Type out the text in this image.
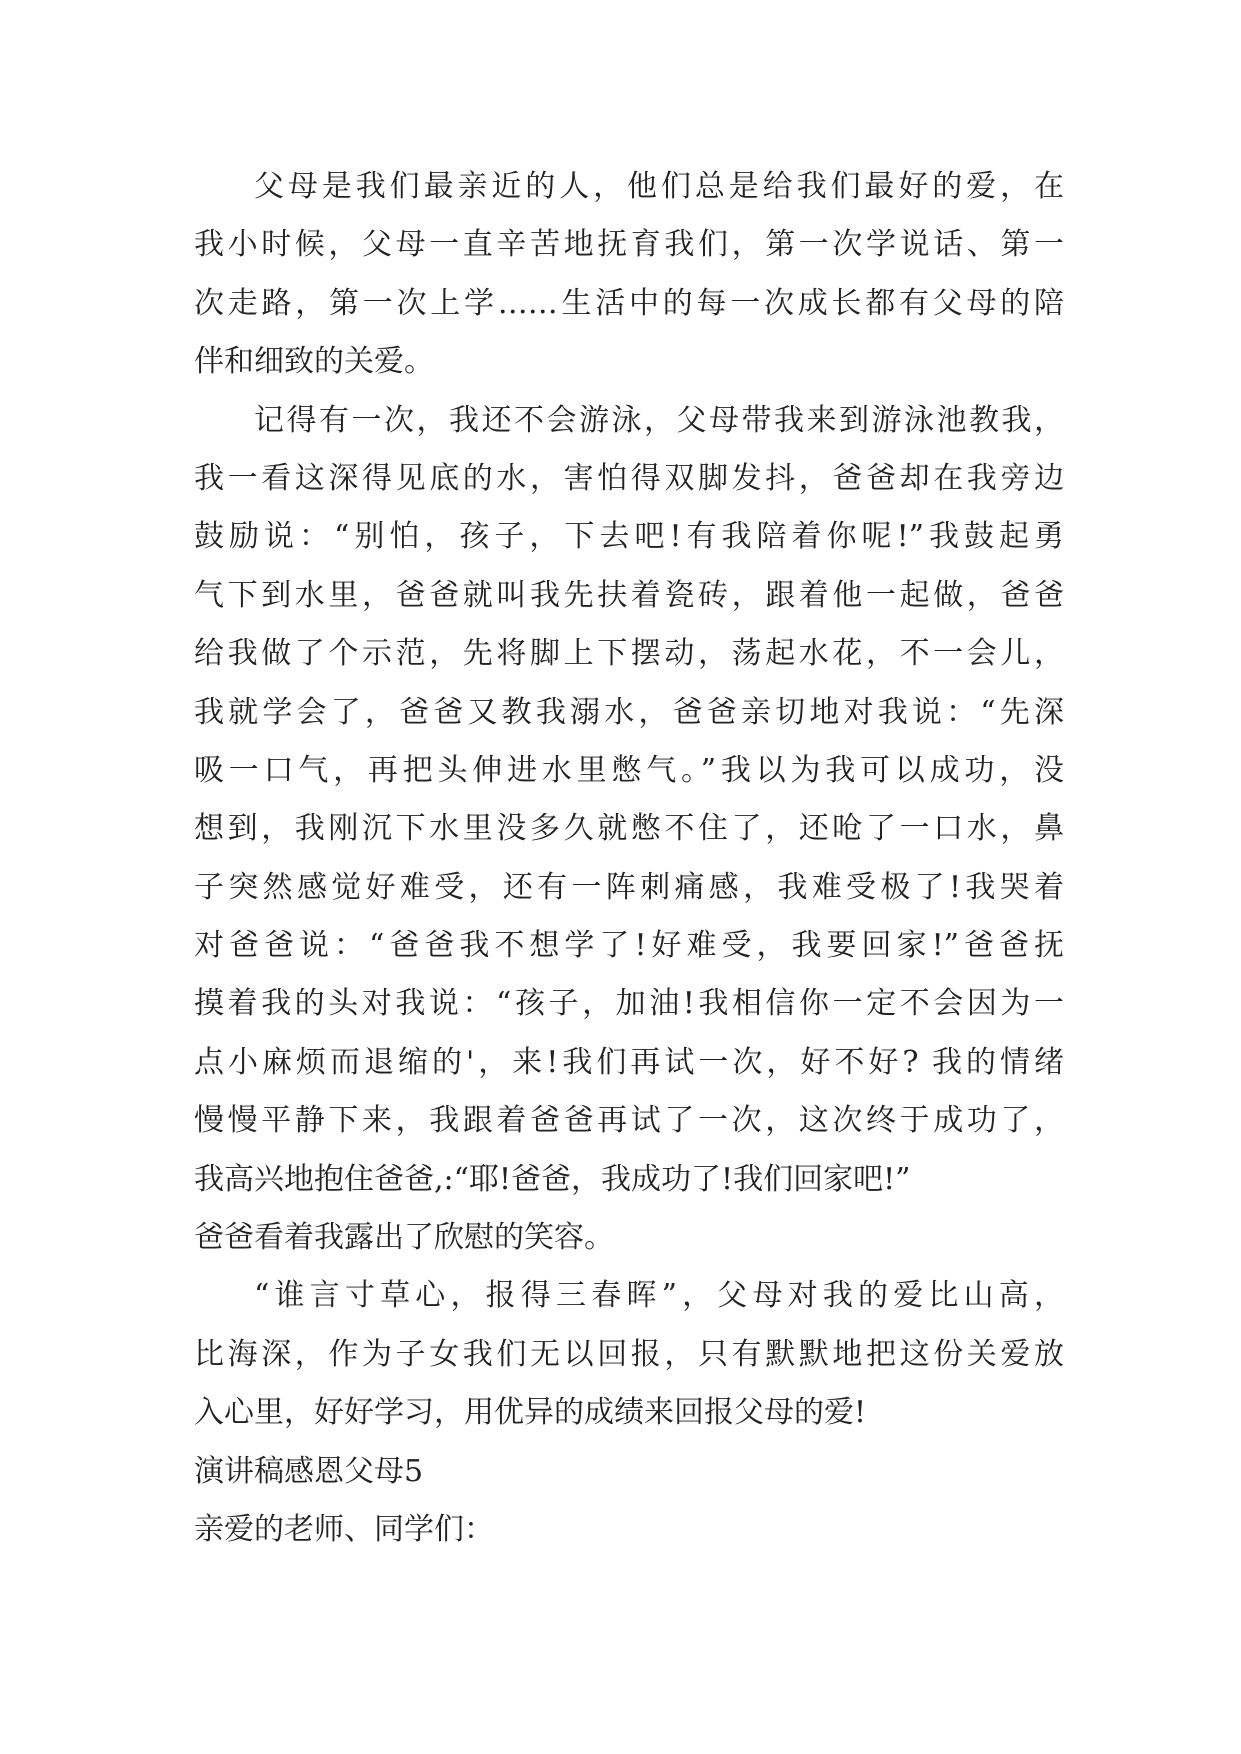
父母是我们最亲近的人，他们总是给我们最好的爱，在
我小时候，父母一直辛苦地抚育我们，第一次学说话、第一
次走路，第一次上学……生活中的每一次成长都有父母的陪
伴和细致的关爱。
记得有一次，我还不会游泳，父母带我来到游泳池教我，
我一看这深得见底的水，害怕得双脚发抖，爸爸却在我旁边
鼓励说：“别怕，孩子，下去吧!有我陪着你呢!”我鼓起勇
气下到水里，爸爸就叫我先扶着瓷砖，跟着他一起做，爸爸
给我做了个示范，先将脚上下摆动，荡起水花，不一会儿，
我就学会了，爸爸又教我溺水，爸爸亲切地对我说：“先深
吸一口气，再把头伸进水里憋气。”我以为我可以成功，没
想到，我刚沉下水里没多久就憋不住了，还呛了一口水，鼻
子突然感觉好难受，还有一阵刺痛感，我难受极了!我哭着
对爸爸说：“爸爸我不想学了!好难受，我要回家!”爸爸抚
摸着我的头对我说：“孩子，加油!我相信你一定不会因为一
点小麻烦而退缩的'，来!我们再试一次，好不好? 我的情绪
慢慢平静下来，我跟着爸爸再试了一次，这次终于成功了，
我高兴地抱住爸爸,:“耶!爸爸，我成功了!我们回家吧!”
爸爸看着我露出了欣慰的笑容。
“谁言寸草心，报得三春晖”，父母对我的爱比山高，
比海深，作为子女我们无以回报，只有默默地把这份关爱放
入心里，好好学习，用优异的成绩来回报父母的爱!
演讲稿感恩父母5
亲爱的老师、同学们：
